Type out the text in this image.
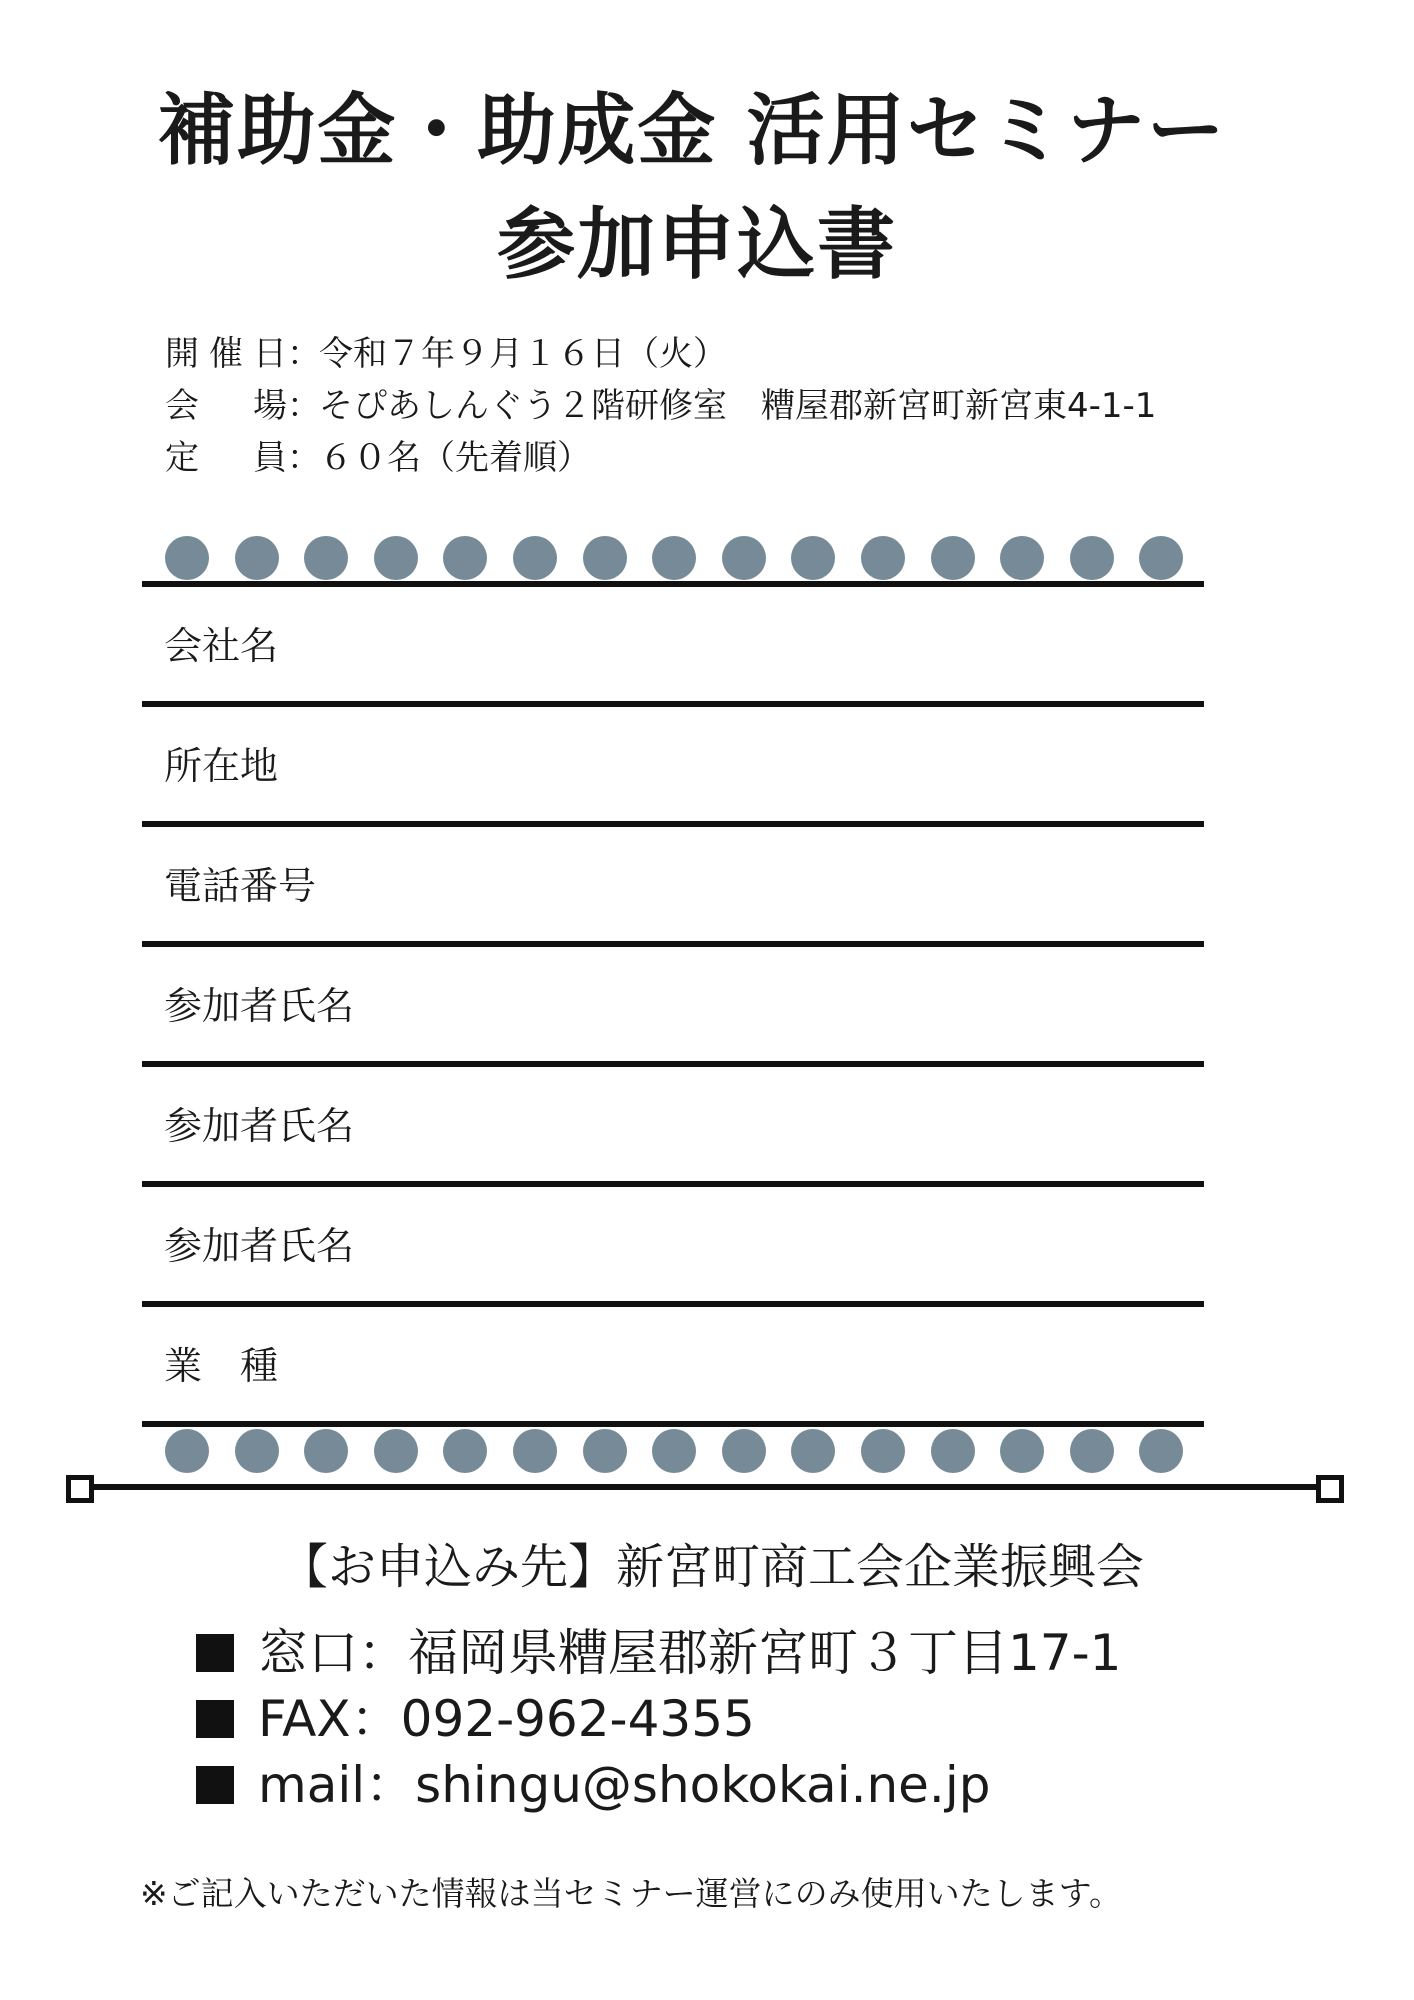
補助金・助成金 活用セミナー
参加申込書
開催日 ：
令和７年９月１６日（火）
会場 ：
そぴあしんぐう２階研修室　糟屋郡新宮町新宮東4-1-1
定員 ：
６０名（先着順）
会社名
所在地
電話番号
参加者氏名
参加者氏名
参加者氏名
業　種
【お申込み先】新宮町商工会企業振興会
窓口 ： 福岡県糟屋郡新宮町３丁目17-1
FAX ： 092-962-4355
mail ： shingu@shokokai.ne.jp
※ご記入いただいた情報は当セミナー運営にのみ使用いたします。
